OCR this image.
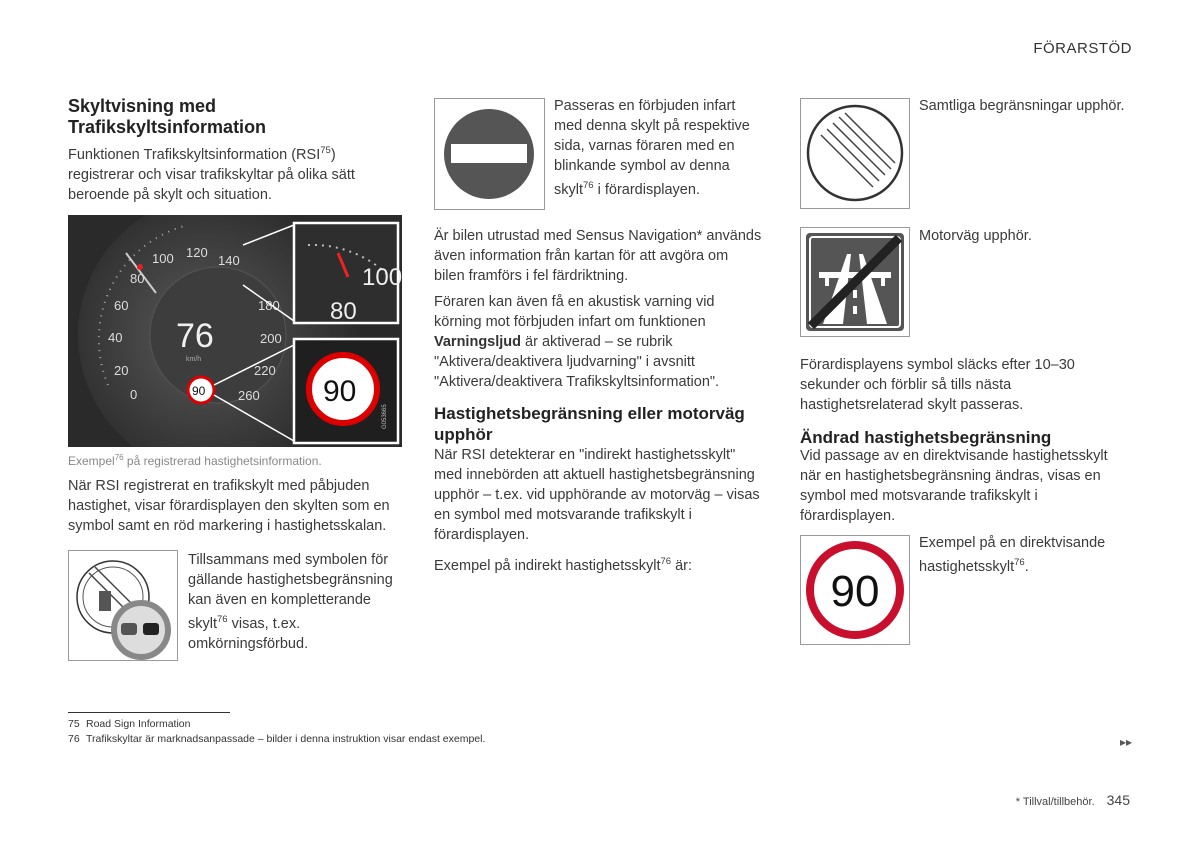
FÖRARSTÖD
Skyltvisning med Trafikskyltsinformation

Funktionen Trafikskyltsinformation (RSI$^{75}$) registrerar och visar trafikskyltar på olika sätt beroende på skylt och situation.

80
60
40
20
0
100 120
140
180
200
220
260
76
km/h
90
100
80
90
G053665
Exempel$^{76}$ på registrerad hastighetsinformation.

När RSI registrerat en trafikskylt med påbjuden hastighet, visar förardisplayen den skylten som en symbol samt en röd markering i hastighetsskalan.

Tillsammans med symbolen för gällande hastighetsbegränsning kan även en kompletterande skylt$^{76}$ visas, t.ex. omkörningsförbud.

Passeras en förbjuden infart med denna skylt på respektive sida, varnas föraren med en blinkande symbol av denna skylt$^{76}$ i förardisplayen.

Är bilen utrustad med Sensus Navigation* används även information från kartan för att avgöra om bilen framförs i fel färdriktning.

Föraren kan även få en akustisk varning vid körning mot förbjuden infart om funktionen Varningsljud är aktiverad – se rubrik "Aktivera/deaktivera ljudvarning" i avsnitt "Aktivera/deaktivera Trafikskyltsinformation".

Hastighetsbegränsning eller motorväg upphör

När RSI detekterar en "indirekt hastighetsskylt" med innebörden att aktuell hastighetsbegränsning upphör – t.ex. vid upphörande av motorväg – visas en symbol med motsvarande trafikskylt i förardisplayen.

Exempel på indirekt hastighetsskylt$^{76}$ är:

Samtliga begränsningar upphör.

Motorväg upphör.

Förardisplayens symbol släcks efter 10–30 sekunder och förblir så tills nästa hastighetsrelaterad skylt passeras.

Ändrad hastighetsbegränsning

Vid passage av en direktvisande hastighetsskylt när en hastighetsbegränsning ändras, visas en symbol med motsvarande trafikskylt i förardisplayen.

90

Exempel på en direktvisande hastighetsskylt$^{76}$.

75 Road Sign Information
76 Trafikskyltar är marknadsanpassade – bilder i denna instruktion visar endast exempel.	▸▸
* Tillval/tillbehör. 345
